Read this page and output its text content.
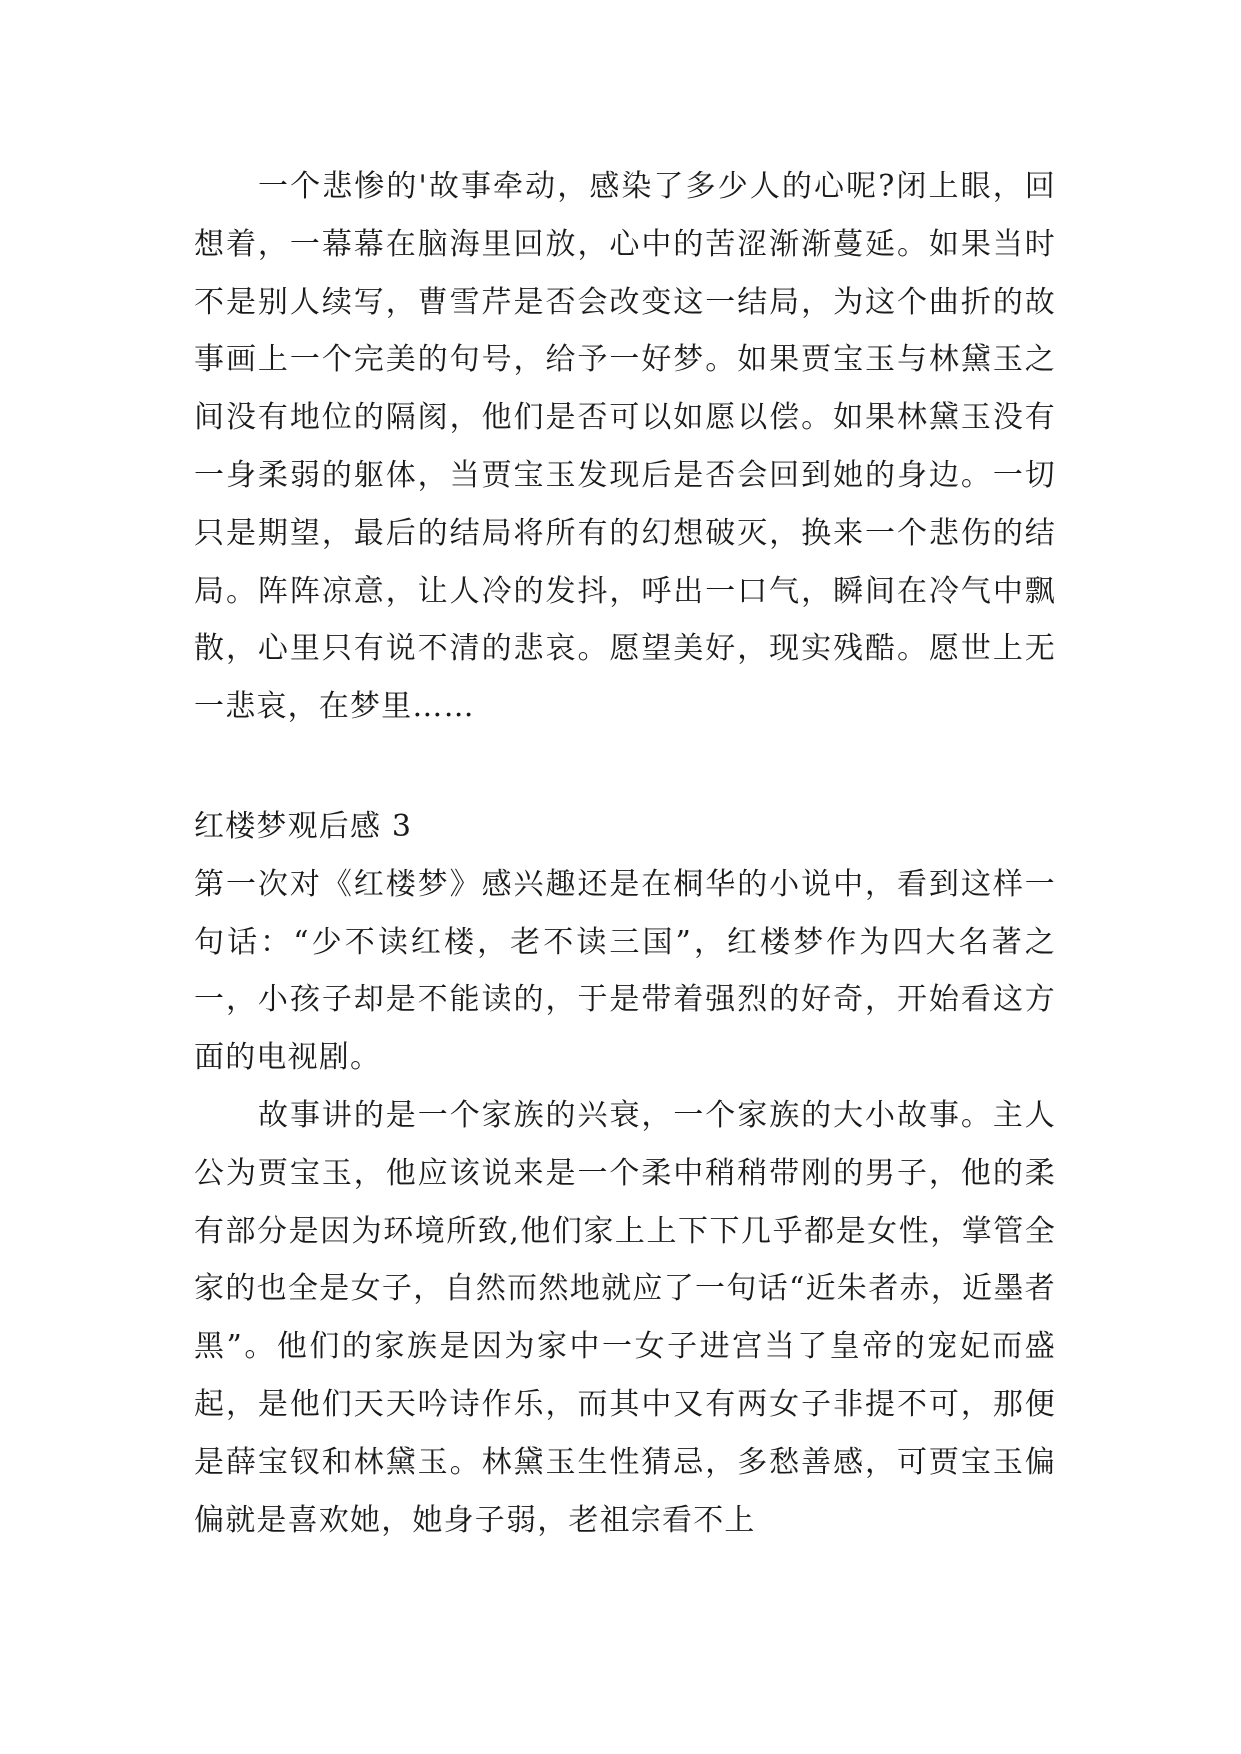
一个悲惨的'故事牵动，感染了多少人的心呢?闭上眼，回想着，一幕幕在脑海里回放，心中的苦涩渐渐蔓延。如果当时不是别人续写，曹雪芹是否会改变这一结局，为这个曲折的故事画上一个完美的句号，给予一好梦。如果贾宝玉与林黛玉之间没有地位的隔阂，他们是否可以如愿以偿。如果林黛玉没有一身柔弱的躯体，当贾宝玉发现后是否会回到她的身边。一切只是期望，最后的结局将所有的幻想破灭，换来一个悲伤的结局。阵阵凉意，让人冷的发抖，呼出一口气，瞬间在冷气中飘散，心里只有说不清的悲哀。愿望美好，现实残酷。愿世上无一悲哀，在梦里……

红楼梦观后感 3

第一次对《红楼梦》感兴趣还是在桐华的小说中，看到这样一句话：“少不读红楼，老不读三国”，红楼梦作为四大名著之一，小孩子却是不能读的，于是带着强烈的好奇，开始看这方面的电视剧。

故事讲的是一个家族的兴衰，一个家族的大小故事。主人公为贾宝玉，他应该说来是一个柔中稍稍带刚的男子，他的柔有部分是因为环境所致,他们家上上下下几乎都是女性，掌管全家的也全是女子，自然而然地就应了一句话“近朱者赤，近墨者黑”。他们的家族是因为家中一女子进宫当了皇帝的宠妃而盛起，是他们天天吟诗作乐，而其中又有两女子非提不可，那便是薛宝钗和林黛玉。林黛玉生性猜忌，多愁善感，可贾宝玉偏偏就是喜欢她，她身子弱，老祖宗看不上
